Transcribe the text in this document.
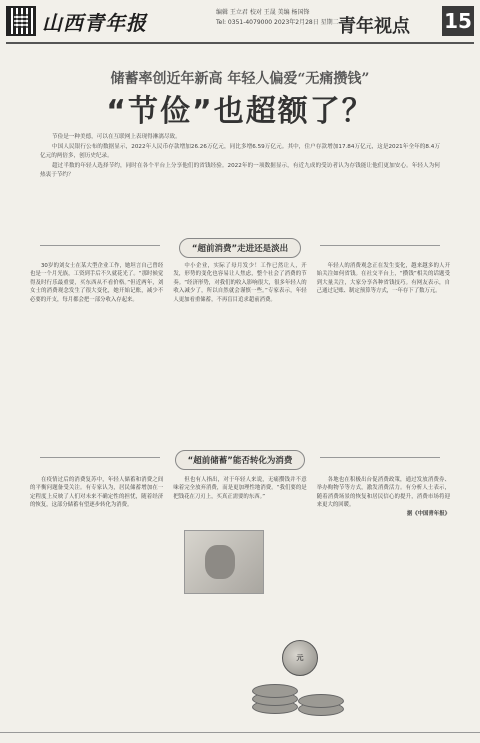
山西青年报	编辑 王立君 校对 王晟 美编 杨国锋
Tel: 0351-4079000 2023年2月28日 星期二 青年视点 15
储蓄率创近年新高 年轻人偏爱“无痛攒钱”
“节俭”也超额了？

节俭是一种美德，可以在互联网上表现得淋漓尽致。

中国人民银行公布的数据显示，2022年人民币存款增加26.26万亿元，同比多增6.59万亿元。其中，住户存款增加17.84万亿元，这是2021年全年的8.4万亿元的两倍多，创历史纪录。

超过半数的年轻人选择节约，同时在各个平台上分享他们的省钱经验。2022年的一项数据显示，有近九成的受访者认为存钱能让他们更加安心。年轻人为何热衷于节约？

“超前消费”走进还是淡出

30岁的刘女士在某大型企业工作，她坦言自己曾经也是一个月光族，工资到手后不久就花光了。“那时候觉得及时行乐最重要，买东西从不看价格。”但近两年，刘女士的消费观念发生了很大变化，她开始记账，减少不必要的开支，每月都会把一部分收入存起来。

中小企业，实际了母月发少！工作已然让人，开发，形势的变化也容易让人焦虑，整个社会了消费的节奏。“经济形势，对我们的收入影响很大，很多年轻人的收入减少了，所以自然就会谨慎一些。”专家表示，年轻人更加看重储蓄，不再盲目追求超前消费。

年轻人的消费观念正在发生变化，越来越多的人开始关注如何省钱。在社交平台上，“攒钱”相关的话题受到大量关注，大家分享各种省钱技巧。有网友表示，自己通过记账、制定预算等方式，一年存下了数万元。

“超前储蓄”能否转化为消费

在疫情过后的消费复苏中，年轻人储蓄和消费之间的平衡问题备受关注。有专家认为，居民储蓄增加在一定程度上反映了人们对未来不确定性的担忧，随着经济的恢复，这部分储蓄有望逐步转化为消费。

但也有人指出，对于年轻人来说，无痛攒钱并不意味着完全放弃消费，而是更加理性地消费。“我们要的是把钱花在刀刃上，买真正需要的东西。”

各地也在积极出台促消费政策，通过发放消费券、举办购物节等方式，激发消费活力。有分析人士表示，随着消费场景的恢复和居民信心的提升，消费市场将迎来更大的回暖。

据《中国青年报》

元
